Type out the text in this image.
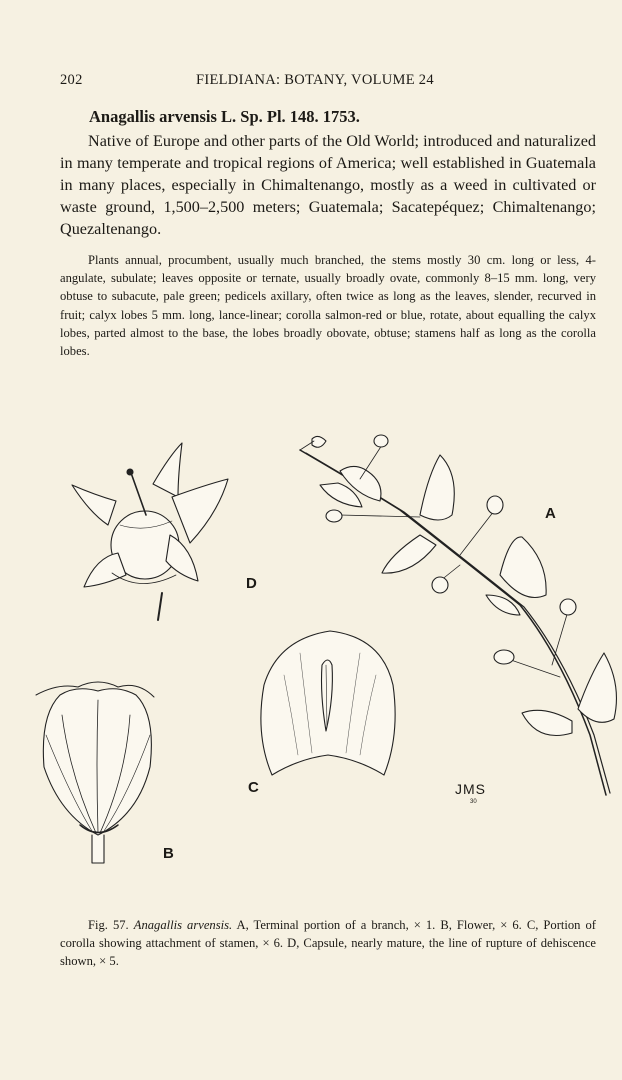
202	FIELDIANA: BOTANY, VOLUME 24
Anagallis arvensis L. Sp. Pl. 148. 1753.

Native of Europe and other parts of the Old World; introduced and naturalized in many temperate and tropical regions of America; well established in Guatemala in many places, especially in Chimaltenango, mostly as a weed in cultivated or waste ground, 1,500–2,500 meters; Guatemala; Sacatepéquez; Chimaltenango; Quezaltenango.

Plants annual, procumbent, usually much branched, the stems mostly 30 cm. long or less, 4-angulate, subulate; leaves opposite or ternate, usually broadly ovate, commonly 8–15 mm. long, very obtuse to subacute, pale green; pedicels axillary, often twice as long as the leaves, slender, recurved in fruit; calyx lobes 5 mm. long, lance-linear; corolla salmon-red or blue, rotate, about equalling the calyx lobes, parted almost to the base, the lobes broadly obovate, obtuse; stamens half as long as the corolla lobes.

A
B
C
D
JMS
30

Fig. 57. Anagallis arvensis. A, Terminal portion of a branch, × 1. B, Flower, × 6. C, Portion of corolla showing attachment of stamen, × 6. D, Capsule, nearly mature, the line of rupture of dehiscence shown, × 5.
